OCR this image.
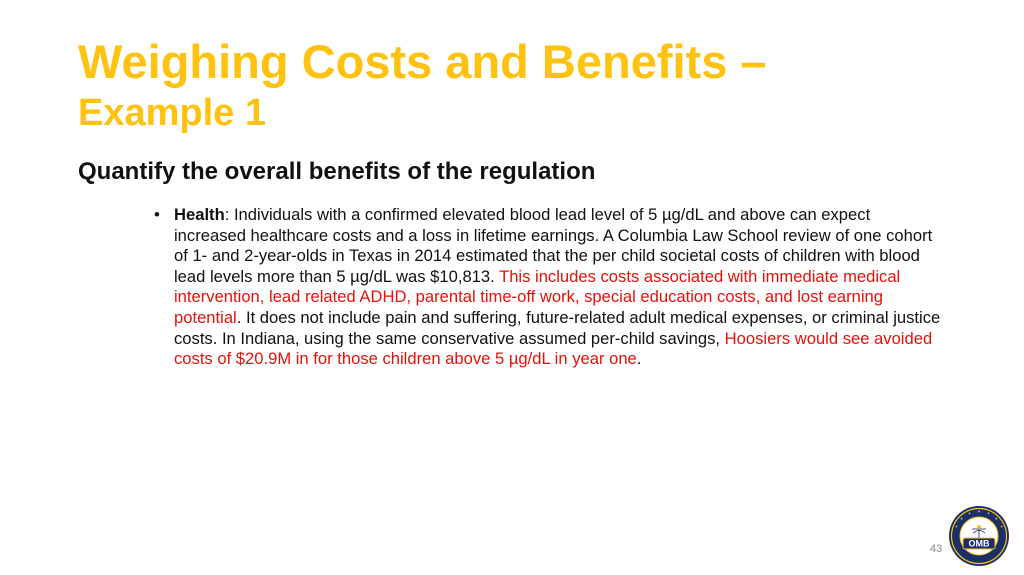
Weighing Costs and Benefits –
Example 1
Quantify the overall benefits of the regulation
• Health: Individuals with a confirmed elevated blood lead level of 5 µg/dL and above can expect increased healthcare costs and a loss in lifetime earnings. A Columbia Law School review of one cohort of 1- and 2-year-olds in Texas in 2014 estimated that the per child societal costs of children with blood lead levels more than 5 µg/dL was $10,813. This includes costs associated with immediate medical intervention, lead related ADHD, parental time-off work, special education costs, and lost earning potential. It does not include pain and suffering, future-related adult medical expenses, or criminal justice costs. In Indiana, using the same conservative assumed per-child savings, Hoosiers would see avoided costs of $20.9M in for those children above 5 µg/dL in year one.
43	OMB
